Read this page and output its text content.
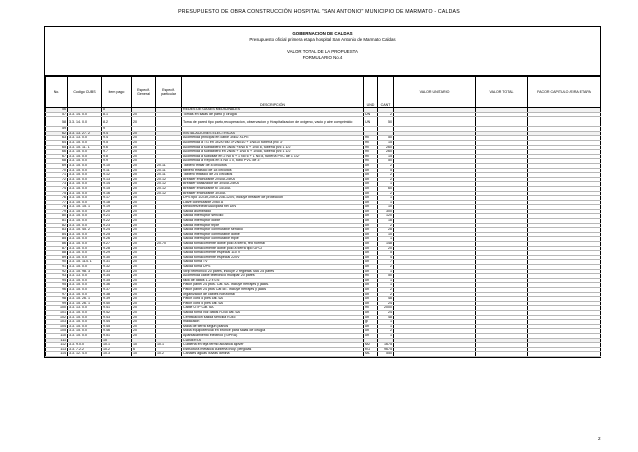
PRESUPUESTO DE OBRA CONSTRUCCIÓN HOSPITAL "SAN ANTONIO" MUNICIPIO DE MARMATO - CALDAS
GOBERNACION DE CALDAS
Presupuesto oficial primera etapa hospital San Antonio de Marmato Caldas
VALOR TOTAL DE LA PROPUESTA
FORMULARIO No.4
No.	Codigo CUBS	item pago	Especif. General	Especif. particular	DESCRIPCIÓN	UND	CANT	VALOR UNITARIO	VALOR TOTAL	FACOR CAPITULO /E/RA ETAPA
56		8			REDES DE GASES MEDICINALES					
57	3.3. 14. 0.0	8.1	20		Tomas en salas de parto y cirugía	UN	2			
58	3.3. 14. 0.0	8.2	20		Toma de pared tipo parto,recuperacion, observacion y Hospitalizacion de oxigeno, vacio y aire comprimido	UN	50			
59		9								
62	3.3. 13. 27. 2	9.4	20		INSTALACIONES ELECTRICAS					
63	3.3. 13. 0.0	9.4	20		Acometida principal en cable 3No2 XLPE	ml	50			
64	3.3. 15. 0.0	9.5	20		Acometida a TG en 3x2/0 td0 3+2No10 + 1No10 tubería pvc 3"	ml	15			
65	3.3. 15. 11. 1	9.6	20		Acometida a subtablero en 3No6 +4No 6 + 1No 8, tubería pvc 1 1/2	ml	260			
66	3.3. 15. 0.0	9.7	20		Acometida a subtablero en 2No6 + 1No 6 + 1No8, tubería pvc 1 1/2	ml	260			
67	3.3. 15. 0.0	9.8	20		Acometida a subcitae en 2 No 6 + 1 No 6 + 1 No 8, tubería PVC de 1 1/2"	ml	15			
68	3.3. 15. 0.0	9.9	20		Acometida a Repos en 4 No 1 0, tubo PVC de 3"	ml	50			
69	3.3. 15. 0.0	9.10	20	20.11	Tablero trifilar de 8 circuitos	un	2			
70	3.3. 15. 0.0	9.11	20	20.11	tablero trifasico de 18 circuitos	un	5			
71	3.3. 15. 0.0	9.12	20	20.11	Tablero trifasico de 24 circuitos	un	2			
72	3.3. 15. 0.0	9.13	20	20.12	Breaker enchufable 2x40A 25KA	un	2			
73	3.3. 15. 0.0	9.14	20	20.12	Breaker totalizador de 3x40A 25KA	un	1			
74	3.3. 15. 0.0	9.15	20	20.12	Breaker enchufable tc 15/30A	un	60			
75	3.3. 15. 0.0	9.16	20	20.12	Breaker enchufable 3x30A	un	2			
76	3.3. 15. 0.0	9.17	20		DPS tipo 1/2/3h,20KA 208-120V, incluye breaker de proteccion	un	1			
77	3.3. 15. 0.0	9.18	20		Llave conmutable 2x60 A	un	1			
78	3.3. 15. 15. 1	9.19	20		Mediores/electroAuxpara riel DIN	un	10			
79	3.3. 15. 0.0	9.20	20		Salida alumbrado	un	300			
80	3.3. 15. 0.0	9.21	20		Salida interruptor sencillo	un	120			
81	3.3. 15. 0.0	9.22	20		Salida interruptor doble	un	18			
82	3.3. 15. 0.0	9.23	20		Salida interruptor triple	un	2			
83	3.3. 15. 45. 2	9.24	20		Salida interruptor conmutable sencillo	un	28			
84	3.3. 15. 0.0	9.25	20		Salida interruptor conmutable doble	un	10			
85	3.3. 15. 0.0	9.26	20		Salida interruptor conmutable triple	un	1			
86	3.3. 15. 0.0	9.27	20	20.70	Salida tomacorriente doble polo a tierra, red normal	un	148			
87	3.3. 15. 0.0	9.28	20		Salida tomacorriente doble polo a tierra tipo GFCI	un	20			
88	3.3. 15. 0.0	9.29	20		Salida tomacorriente especial 110 V	un	5			
89	3.3. 15. 0.0	9.30	20		Salida tomacorriente especial 220V	un	4			
90	3.3. 15. 114. 1	9.31	20		Salida toma TV	un	7			
91	3.3. 15. 0.0	9.32	20		Salida toma UPS	un	2			
92	3.3. 15. 98. 3	9.33	20		Strip telefonico 20 pares, incluye 2 regletas S66 25 pares	un	1			
93	3.3. 13. 0.0	9.34	20		Acometida cable telefonico multipar 20 pares	ml	50			
94	3.3. 15. 0.0	9.35	20		rack de datos 1.2 x 0.6	un	1			
95	3.3. 15. 0.0	9.36	20		Patch panel 24 ptos. Cat. 6A. Incluye herrajes y jacks.	un	1			
96	3.3. 15. 0.0	9.37	20		Patch panel 24 ptos Cat 5E. Incluye herrajes y jacks	un	2			
97	3.3. 15. 0.0	9.38	20		organizador de cables horizontal	un	2			
98	3.3. 15. 26. 1	9.39	20		Patch cord 5 pies cat. 6A	un	48			
99	3.3. 15. 26. 1	9.40	20		Patch cord 5 pies cat. 6A	un	24			
100	3.3. 13. 0.0	9.41	20		Cable UTP Cat. 6A	ml	2000			
101	3.3. 15. 0.0	9.42	20		Salida toma voz datos RJ45 cat. 6A	un	24			
102	3.3. 15. 0.0	9.43	20		Certificación salida sencilla RJ45	un	48			
103	3.3. 15. 0.0	9.44	20		malacalon	gl	1			
104	3.3. 15. 0.0	9.45	20		Malla de tierra según planos	un	1			
105	3.3. 15. 0.0	9.46	20		Malla equipotencial en bronce para salas de cirugía	un	2			
110	3.3. 15. 0.0	9.51	20		Apantallamiento eléctrico (SIPRA)	un	1			
111		10			CUBIERTA					
112	3.3. 9.0.0	10.1	10	10.1	Cubierta en teja termo acustica ajover	M2	1675			
113	3.3. 7.2.2	10.2	6		Estructura metalica cubierta incly. pergolas	KG	9675			
114	3.3. 12. 4.0	10.3	10	10.2	Canales aguas lluvias lamina	ML	550			
2
